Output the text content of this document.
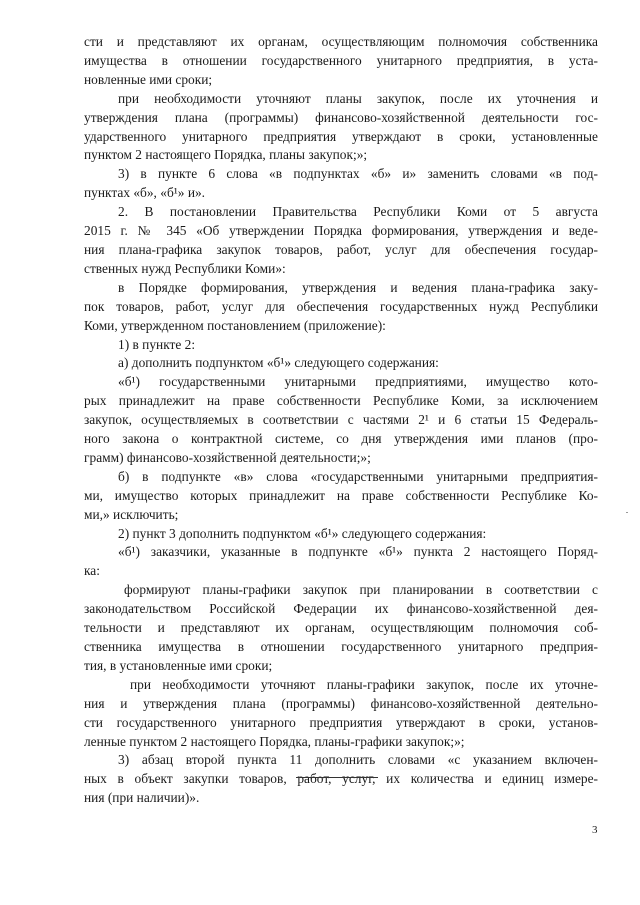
сти и представляют их органам, осуществляющим полномочия собственника
имущества в отношении государственного унитарного предприятия, в уста-
новленные ими сроки;
при необходимости уточняют планы закупок, после их уточнения и
утверждения плана (программы) финансово-хозяйственной деятельности гос-
ударственного унитарного предприятия утверждают в сроки, установленные
пунктом 2 настоящего Порядка, планы закупок;»;
3) в пункте 6 слова «в подпунктах «б» и» заменить словами «в под-
пунктах «б», «б¹» и».
2. В постановлении Правительства Республики Коми от 5 августа
2015 г. № 345 «Об утверждении Порядка формирования, утверждения и веде-
ния плана-графика закупок товаров, работ, услуг для обеспечения государ-
ственных нужд Республики Коми»:
в Порядке формирования, утверждения и ведения плана-графика заку-
пок товаров, работ, услуг для обеспечения государственных нужд Республики
Коми, утвержденном постановлением (приложение):
1) в пункте 2:
а) дополнить подпунктом «б¹» следующего содержания:
«б¹) государственными унитарными предприятиями, имущество кото-
рых принадлежит на праве собственности Республике Коми, за исключением
закупок, осуществляемых в соответствии с частями 2¹ и 6 статьи 15 Федераль-
ного закона о контрактной системе, со дня утверждения ими планов (про-
грамм) финансово-хозяйственной деятельности;»;
б) в подпункте «в» слова «государственными унитарными предприятия-
ми, имущество которых принадлежит на праве собственности Республике Ко-
ми,» исключить;
2) пункт 3 дополнить подпунктом «б¹» следующего содержания:
«б¹) заказчики, указанные в подпункте «б¹» пункта 2 настоящего Поряд-
ка:
формируют планы-графики закупок при планировании в соответствии с
законодательством Российской Федерации их финансово-хозяйственной дея-
тельности и представляют их органам, осуществляющим полномочия соб-
ственника имущества в отношении государственного унитарного предприя-
тия, в установленные ими сроки;
при необходимости уточняют планы-графики закупок, после их уточне-
ния и утверждения плана (программы) финансово-хозяйственной деятельно-
сти государственного унитарного предприятия утверждают в сроки, установ-
ленные пунктом 2 настоящего Порядка, планы-графики закупок;»;
3) абзац второй пункта 11 дополнить словами «с указанием включен-
ных в объект закупки товаров, работ, услуг, их количества и единиц измере-
ния (при наличии)».
3
